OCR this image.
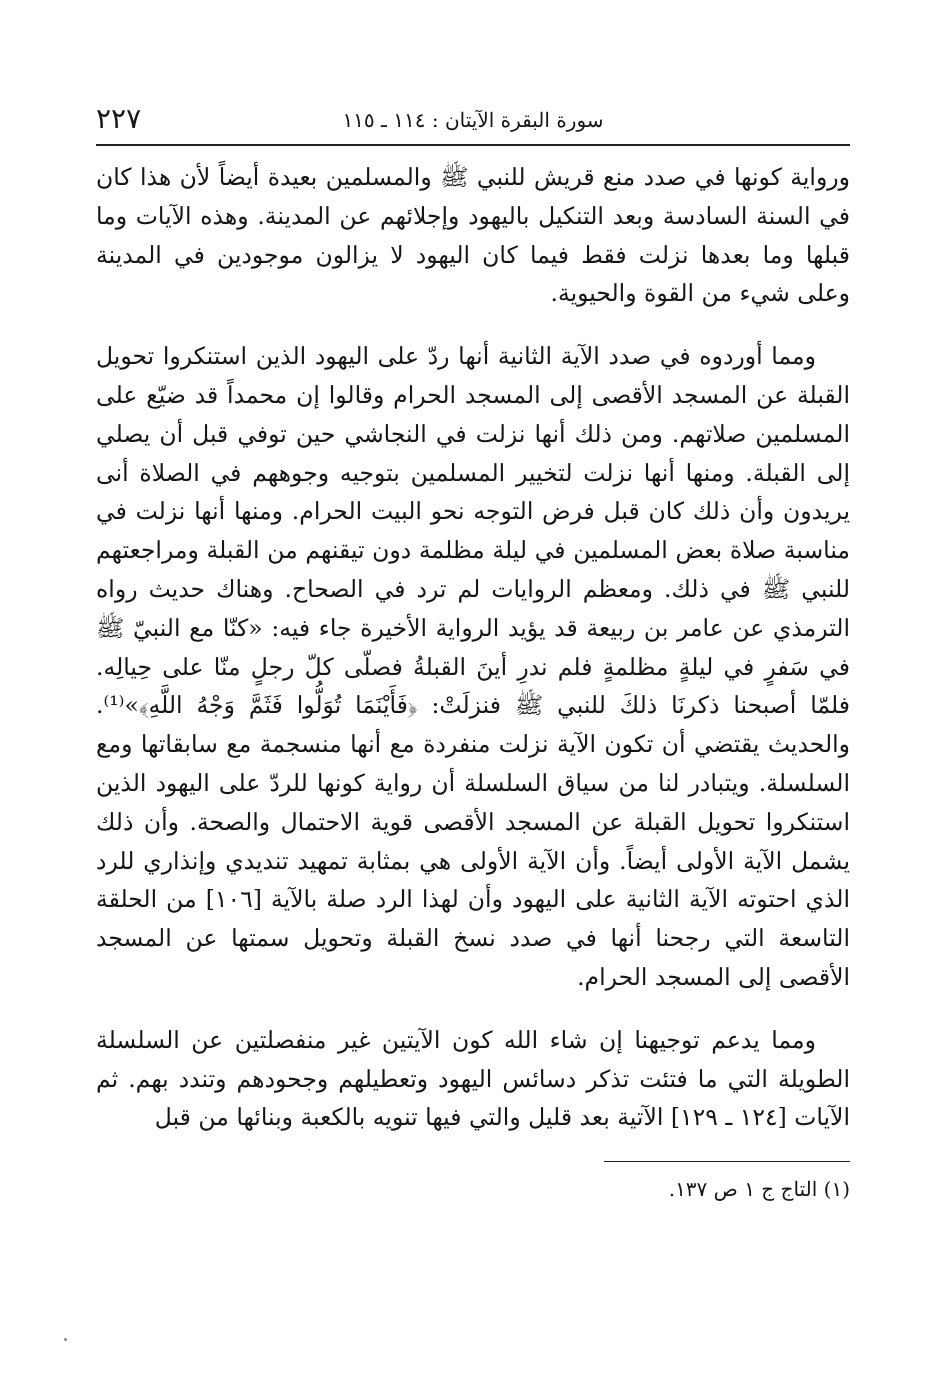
سورة البقرة الآيتان : ١١٤ ـ ١١٥
٢٢٧

ورواية كونها في صدد منع قريش للنبي ﷺ والمسلمين بعيدة أيضاً لأن هذا كان في السنة السادسة وبعد التنكيل باليهود وإجلائهم عن المدينة. وهذه الآيات وما قبلها وما بعدها نزلت فقط فيما كان اليهود لا يزالون موجودين في المدينة وعلى شيء من القوة والحيوية.

ومما أوردوه في صدد الآية الثانية أنها ردّ على اليهود الذين استنكروا تحويل القبلة عن المسجد الأقصى إلى المسجد الحرام وقالوا إن محمداً قد ضيّع على المسلمين صلاتهم. ومن ذلك أنها نزلت في النجاشي حين توفي قبل أن يصلي إلى القبلة. ومنها أنها نزلت لتخيير المسلمين بتوجيه وجوههم في الصلاة أنى يريدون وأن ذلك كان قبل فرض التوجه نحو البيت الحرام. ومنها أنها نزلت في مناسبة صلاة بعض المسلمين في ليلة مظلمة دون تيقنهم من القبلة ومراجعتهم للنبي ﷺ في ذلك. ومعظم الروايات لم ترد في الصحاح. وهناك حديث رواه الترمذي عن عامر بن ربيعة قد يؤيد الرواية الأخيرة جاء فيه: «كنّا مع النبيّ ﷺ في سَفرٍ في ليلةٍ مظلمةٍ فلم ندرِ أينَ القبلةُ فصلّى كلّ رجلٍ منّا على حِيالِه. فلمّا أصبحنا ذكرنَا ذلكَ للنبي ﷺ فنزلَتْ: ﴿فَأَيْنَمَا تُوَلُّوا فَثَمَّ وَجْهُ اللَّهِ﴾»⁽¹⁾. والحديث يقتضي أن تكون الآية نزلت منفردة مع أنها منسجمة مع سابقاتها ومع السلسلة. ويتبادر لنا من سياق السلسلة أن رواية كونها للردّ على اليهود الذين استنكروا تحويل القبلة عن المسجد الأقصى قوية الاحتمال والصحة. وأن ذلك يشمل الآية الأولى أيضاً. وأن الآية الأولى هي بمثابة تمهيد تنديدي وإنذاري للرد الذي احتوته الآية الثانية على اليهود وأن لهذا الرد صلة بالآية [١٠٦] من الحلقة التاسعة التي رجحنا أنها في صدد نسخ القبلة وتحويل سمتها عن المسجد الأقصى إلى المسجد الحرام.

ومما يدعم توجيهنا إن شاء الله كون الآيتين غير منفصلتين عن السلسلة الطويلة التي ما فتئت تذكر دسائس اليهود وتعطيلهم وجحودهم وتندد بهم. ثم الآيات [١٢٤ ـ ١٢٩] الآتية بعد قليل والتي فيها تنويه بالكعبة وبنائها من قبل

(١) التاج ج ١ ص ١٣٧.
